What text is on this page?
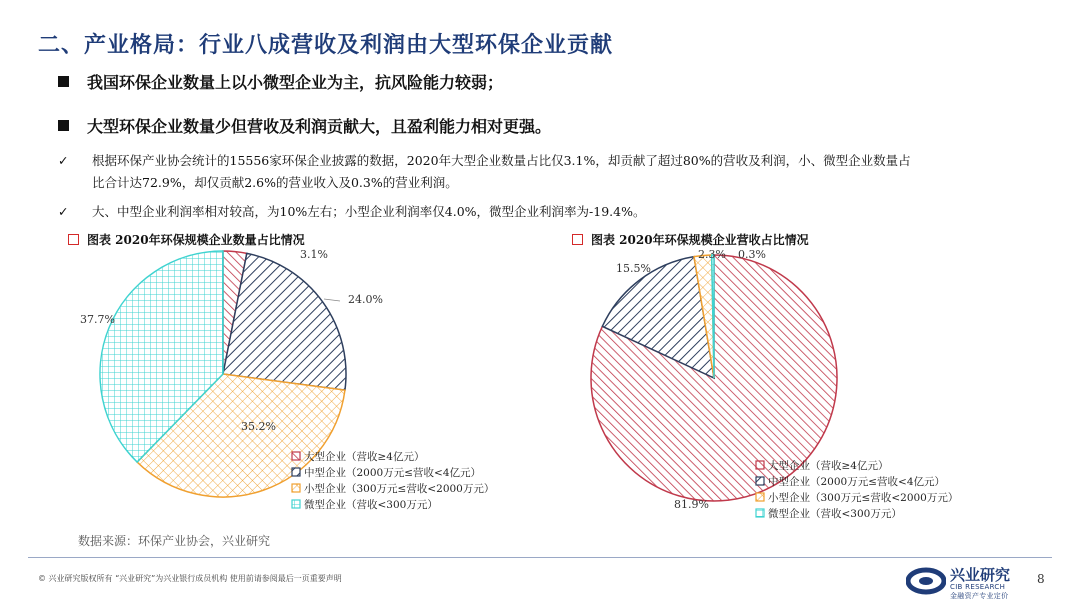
二、产业格局：行业八成营收及利润由大型环保企业贡献
我国环保企业数量上以小微型企业为主，抗风险能力较弱；
大型环保企业数量少但营收及利润贡献大，且盈利能力相对更强。
✓ 根据环保产业协会统计的15556家环保企业披露的数据，2020年大型企业数量占比仅3.1%，却贡献了超过80%的营收及利润，小、微型企业数量占比合计达72.9%，却仅贡献2.6%的营业收入及0.3%的营业利润。
✓ 大、中型企业利润率相对较高，为10%左右；小型企业利润率仅4.0%，微型企业利润率为-19.4%。
图表 2020年环保规模企业数量占比情况	图表 2020年环保规模企业营收占比情况
3.1%
24.0%
35.2%
37.7%
大型企业（营收≥4亿元）
中型企业（2000万元≤营收<4亿元）
小型企业（300万元≤营收<2000万元）
微型企业（营收<300万元）	81.9%
15.5%
2.3% 0.3%
大型企业（营收≥4亿元）
中型企业（2000万元≤营收<4亿元）
小型企业（300万元≤营收<2000万元）
微型企业（营收<300万元）
数据来源：环保产业协会，兴业研究
© 兴业研究版权所有 “兴业研究”为兴业银行成员机构 使用前请参阅最后一页重要声明	兴业研究
CIB RESEARCH
金融资产专业定价
8
